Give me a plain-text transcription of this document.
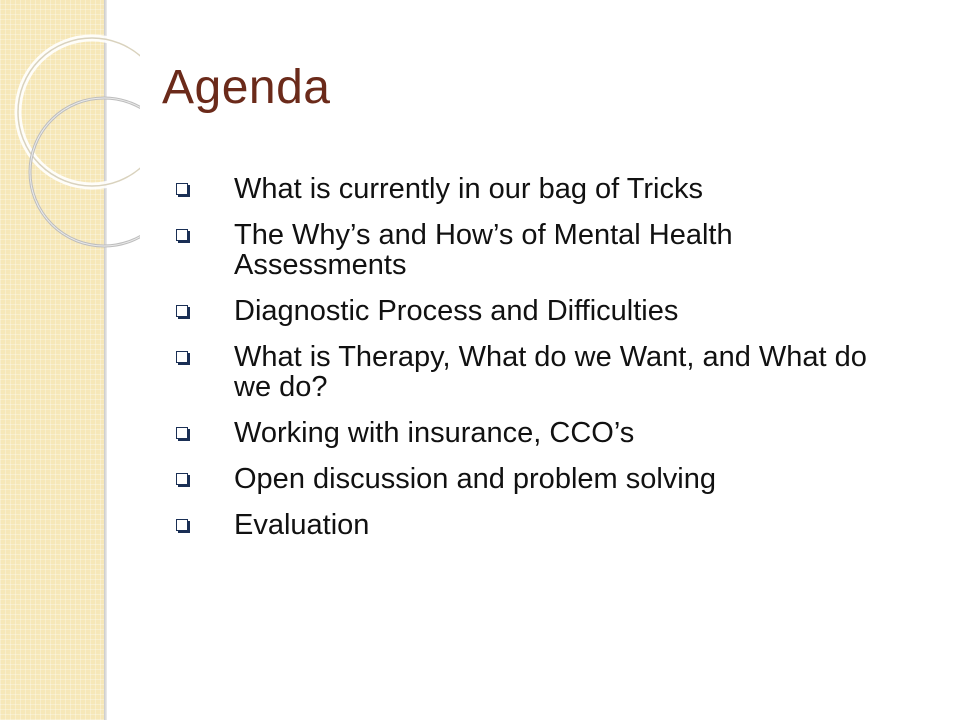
Agenda
What is currently in our bag of Tricks
The Why’s and How’s of Mental Health Assessments
Diagnostic Process and Difficulties
What is Therapy, What do we Want, and What do we do?
Working with insurance, CCO’s
Open discussion and problem solving
Evaluation
